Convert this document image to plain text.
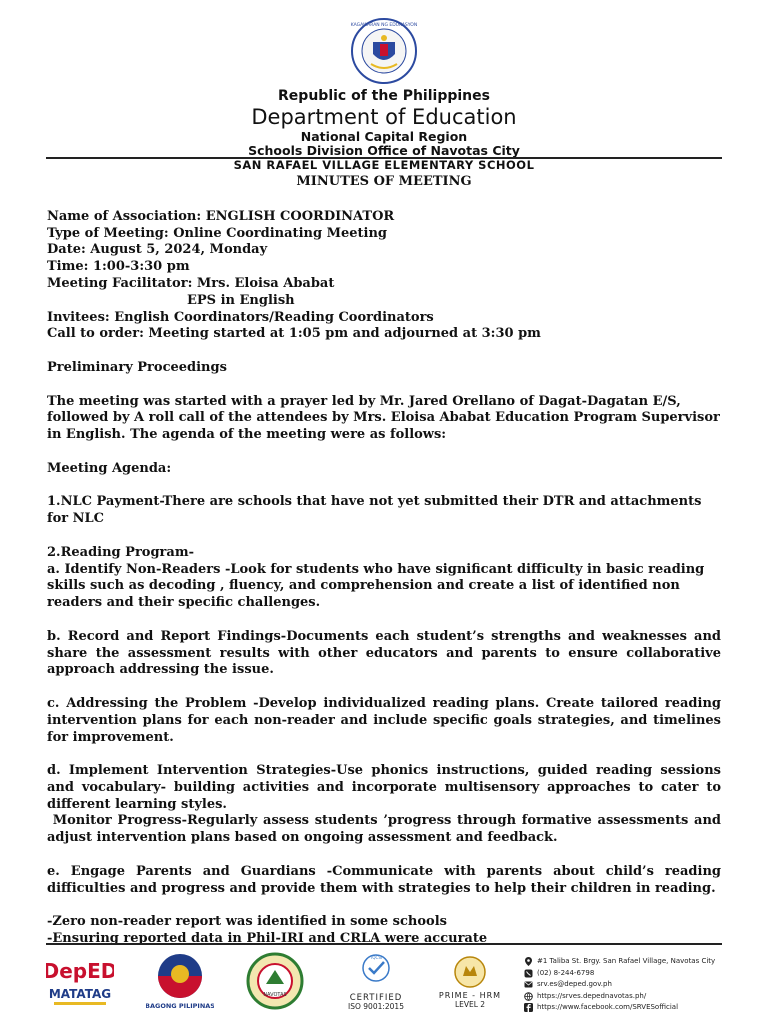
KAGAWARAN NG EDUKASYON
Republic of the Philippines
Department of Education
National Capital Region
Schools Division Office of Navotas City
SAN RAFAEL VILLAGE ELEMENTARY SCHOOL
MINUTES OF MEETING
Name of Association: ENGLISH COORDINATOR
Type of Meeting: Online Coordinating Meeting
Date: August 5, 2024, Monday
Time: 1:00-3:30 pm
Meeting Facilitator: Mrs. Eloisa Ababat
EPS in English
Invitees: English Coordinators/Reading Coordinators
Call to order: Meeting started at 1:05 pm and adjourned at 3:30 pm
Preliminary Proceedings
The meeting was started with a prayer led by Mr. Jared Orellano of Dagat-Dagatan E/S, followed by A roll call of the attendees by Mrs. Eloisa Ababat Education Program Supervisor in English. The agenda of the meeting were as follows:
Meeting Agenda:
1.NLC Payment-There are schools that have not yet submitted their DTR and attachments for NLC
2.Reading Program-
a. Identify Non-Readers -Look for students who have significant difficulty in basic reading skills such as decoding , fluency, and comprehension and create a list of identified non readers and their specific challenges.
b. Record and Report Findings-Documents each student’s strengths and weaknesses and share the assessment results with other educators and parents to ensure collaborative approach addressing the issue.
c. Addressing the Problem -Develop individualized reading plans. Create tailored reading intervention plans for each non-reader and include specific goals strategies, and timelines for improvement.
d. Implement Intervention Strategies-Use phonics instructions, guided reading sessions and vocabulary- building activities and incorporate multisensory approaches to cater to different learning styles.
Monitor Progress-Regularly assess students ’progress through formative assessments and adjust intervention plans based on ongoing assessment and feedback.
e. Engage Parents and Guardians -Communicate with parents about child’s reading difficulties and progress and provide them with strategies to help their children in reading.
-Zero non-reader report was identified in some schools
-Ensuring reported data in Phil-IRI and CRLA were accurate
DepED
MATATAG
BAGONG PILIPINAS
NAVOTAS
TQCSI
CERTIFIED
ISO 9001:2015
PRIME - HRM
LEVEL 2
#1 Taliba St. Brgy. San Rafael Village, Navotas City
(02) 8-244-6798
srv.es@deped.gov.ph
https://srves.depednavotas.ph/
https://www.facebook.com/SRVESofficial
